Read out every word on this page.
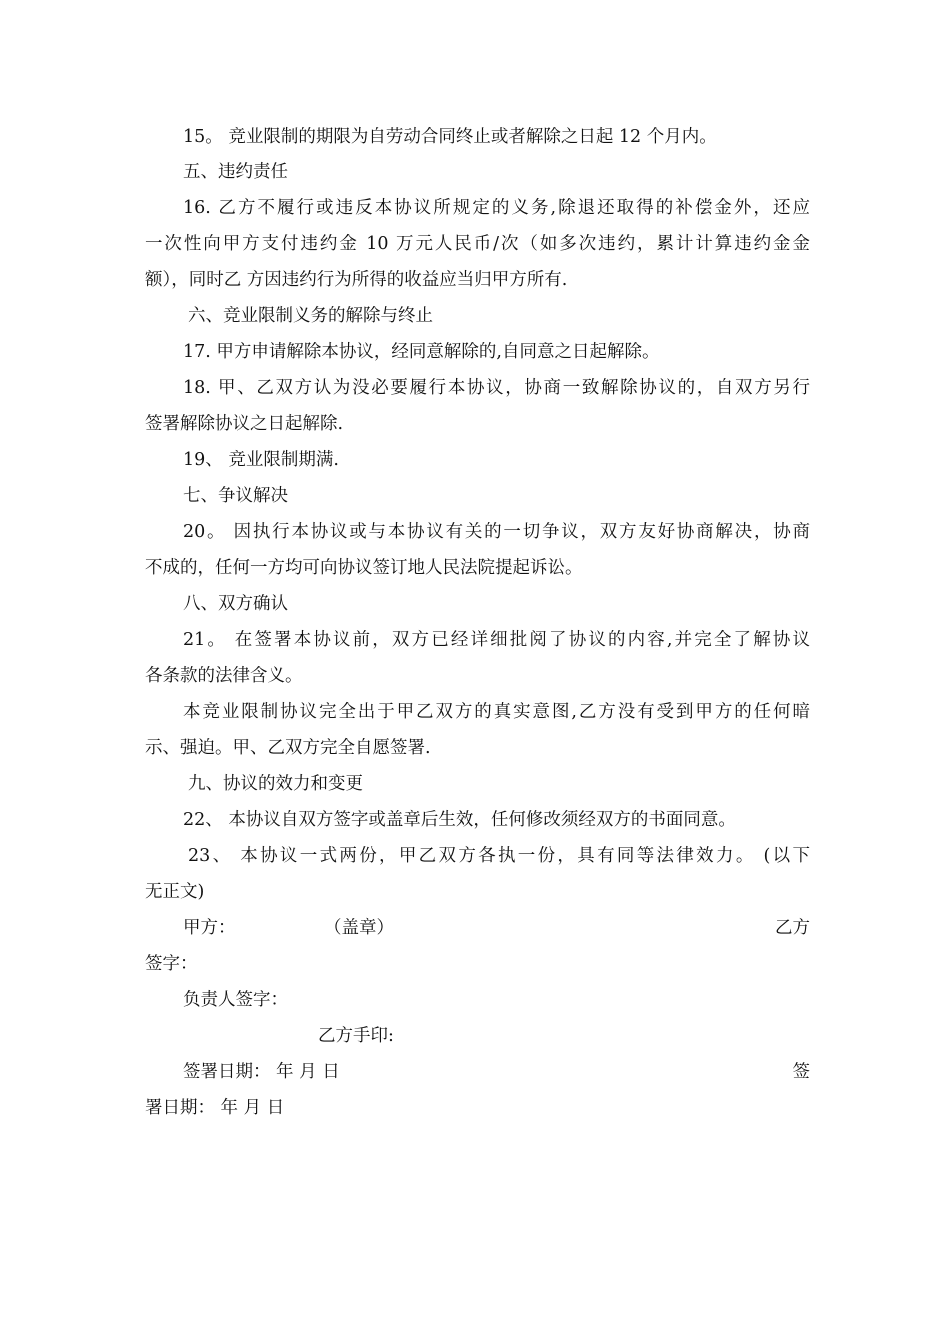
15。 竞业限制的期限为自劳动合同终止或者解除之日起 12 个月内。
五、违约责任
16. 乙方不履行或违反本协议所规定的义务,除退还取得的补偿金外，还应
一次性向甲方支付违约金 10 万元人民币/次（如多次违约，累计计算违约金金
额），同时乙 方因违约行为所得的收益应当归甲方所有.
六、竞业限制义务的解除与终止
17. 甲方申请解除本协议，经同意解除的,自同意之日起解除。
18. 甲、乙双方认为没必要履行本协议，协商一致解除协议的，自双方另行
签署解除协议之日起解除.
19、 竞业限制期满.
七、争议解决
20。 因执行本协议或与本协议有关的一切争议，双方友好协商解决，协商
不成的，任何一方均可向协议签订地人民法院提起诉讼。
八、双方确认
21。 在签署本协议前，双方已经详细批阅了协议的内容,并完全了解协议
各条款的法律含义。
本竞业限制协议完全出于甲乙双方的真实意图,乙方没有受到甲方的任何暗
示、强迫。甲、乙双方完全自愿签署.
九、协议的效力和变更
22、 本协议自双方签字或盖章后生效，任何修改须经双方的书面同意。
23、 本协议一式两份，甲乙双方各执一份，具有同等法律效力。 (以下
无正文)
甲方：	（盖章）	乙方
签字：
负责人签字：
乙方手印:
签署日期： 年 月 日	签
署日期： 年 月 日
